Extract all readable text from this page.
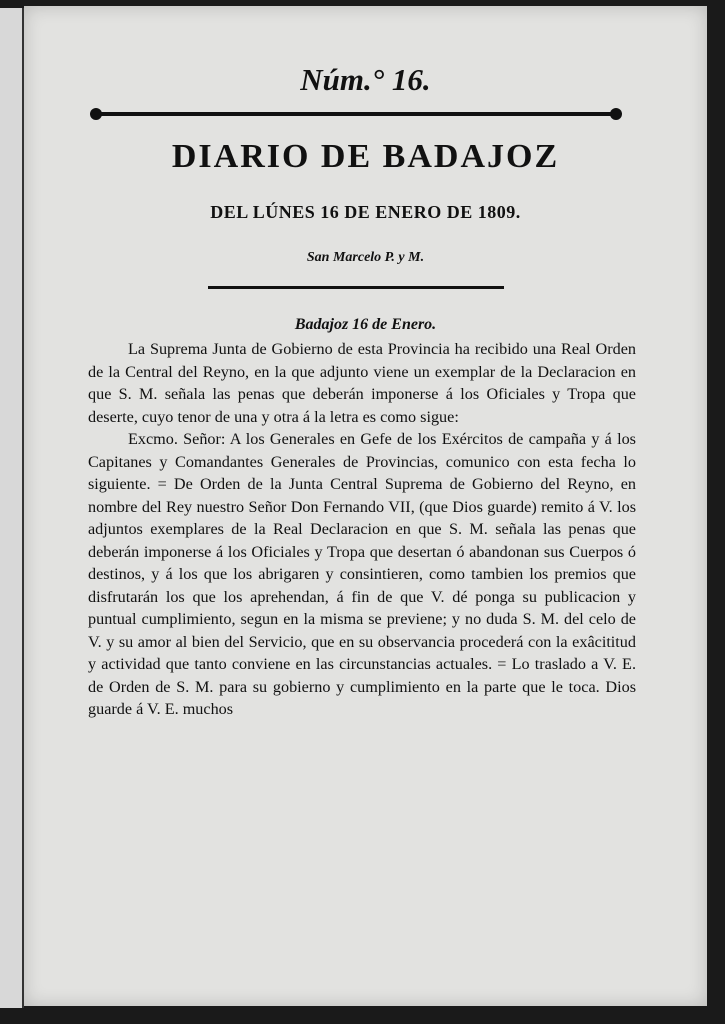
Núm.° 16.
DIARIO DE BADAJOZ
DEL LÚNES 16 DE ENERO DE 1809.
San Marcelo P. y M.
Badajoz 16 de Enero.

La Suprema Junta de Gobierno de esta Provincia ha recibido una Real Orden de la Central del Reyno, en la que adjunto viene un exemplar de la Declaracion en que S. M. señala las penas que deberán imponerse á los Oficiales y Tropa que deserte, cuyo tenor de una y otra á la letra es como sigue:

Excmo. Señor: A los Generales en Gefe de los Exércitos de campaña y á los Capitanes y Comandantes Generales de Provincias, comunico con esta fecha lo siguiente. = De Orden de la Junta Central Suprema de Gobierno del Reyno, en nombre del Rey nuestro Señor Don Fernando VII, (que Dios guarde) remito á V. los adjuntos exemplares de la Real Declaracion en que S. M. señala las penas que deberán imponerse á los Oficiales y Tropa que desertan ó abandonan sus Cuerpos ó destinos, y á los que los abrigaren y consintieren, como tambien los premios que disfrutarán los que los aprehendan, á fin de que V. dé ponga su publicacion y puntual cumplimiento, segun en la misma se previene; y no duda S. M. del celo de V. y su amor al bien del Servicio, que en su observancia procederá con la exâcititud y actividad que tanto conviene en las circunstancias actuales. = Lo traslado a V. E. de Orden de S. M. para su gobierno y cumplimiento en la parte que le toca. Dios guarde á V. E. muchos
